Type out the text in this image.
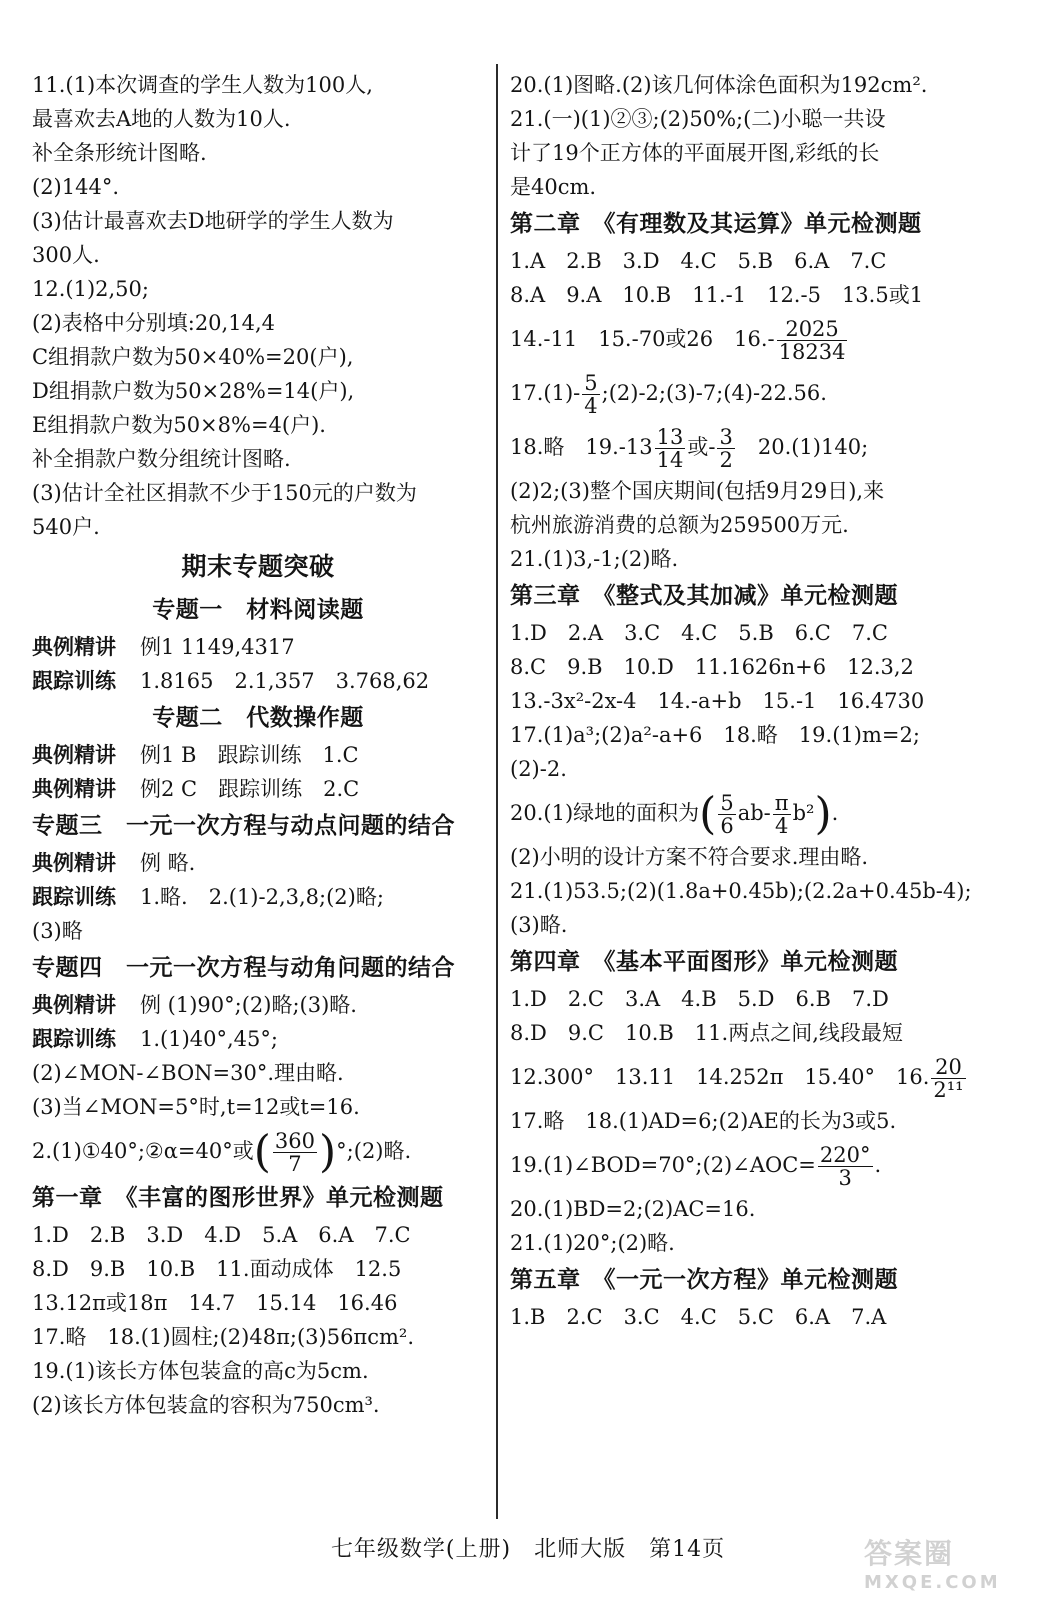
11.(1)本次调查的学生人数为100人,
最喜欢去A地的人数为10人.
补全条形统计图略.
(2)144°.
(3)估计最喜欢去D地研学的学生人数为
300人.
12.(1)2,50;
(2)表格中分别填:20,14,4
C组捐款户数为50×40%=20(户),
D组捐款户数为50×28%=14(户),
E组捐款户数为50×8%=4(户).
补全捐款户数分组统计图略.
(3)估计全社区捐款不少于150元的户数为
540户.
期末专题突破
专题一　材料阅读题
典例精讲 例1 1149,4317
跟踪训练 1.8165　2.1,357　3.768,62
专题二　代数操作题
典例精讲 例1 B　跟踪训练　1.C
典例精讲 例2 C　跟踪训练　2.C
专题三　一元一次方程与动点问题的结合
典例精讲 例 略.
跟踪训练 1.略.　2.(1)-2,3,8;(2)略;
(3)略
专题四　一元一次方程与动角问题的结合
典例精讲 例 (1)90°;(2)略;(3)略.
跟踪训练 1.(1)40°,45°;
(2)∠MON-∠BON=30°.理由略.
(3)当∠MON=5°时,t=12或t=16.
2.(1)①40°;②α=40°或( $\frac{360}{7}$ )°;(2)略.
第一章　《丰富的图形世界》单元检测题
1.D　2.B　3.D　4.D　5.A　6.A　7.C
8.D　9.B　10.B　11.面动成体　12.5
13.12π或18π　14.7　15.14　16.46
17.略　18.(1)圆柱;(2)48π;(3)56πcm².
19.(1)该长方体包装盒的高c为5cm.
(2)该长方体包装盒的容积为750cm³.
20.(1)图略.(2)该几何体涂色面积为192cm².
21.(一)(1)②③;(2)50%;(二)小聪一共设
计了19个正方体的平面展开图,彩纸的长
是40cm.
第二章　《有理数及其运算》单元检测题
1.A　2.B　3.D　4.C　5.B　6.A　7.C
8.A　9.A　10.B　11.-1　12.-5　13.5或1
14.-11　15.-70或26　$16.- \frac{2025}{18234}$
$17.(1)- \frac{5}{4}$ ;(2)-2;(3)-7;(4)-22.56.
18.略　$19.-13 \frac{13}{14}$ 或- $\frac{3}{2}$ 　20.(1)140;
(2)2;(3)整个国庆期间(包括9月29日),来
杭州旅游消费的总额为259500万元.
21.(1)3,-1;(2)略.
第三章　《整式及其加减》单元检测题
1.D　2.A　3.C　4.C　5.B　6.C　7.C
8.C　9.B　10.D　11.1626n+6　12.3,2
13.-3x²-2x-4　14.-a+b　15.-1　16.4730
17.(1)a³;(2)a²-a+6　18.略　19.(1)m=2;
(2)-2.
20.(1)绿地的面积为( $\frac{5}{6} ab- \frac{\pi}{4} b^2$).
(2)小明的设计方案不符合要求.理由略.
21.(1)53.5;(2)(1.8a+0.45b);(2.2a+0.45b-4);
(3)略.
第四章　《基本平面图形》单元检测题
1.D　2.C　3.A　4.B　5.D　6.B　7.D
8.D　9.C　10.B　11.两点之间,线段最短
12.300°　13.11　14.252π　15.40°　16. $\frac{20}{\text{2¹¹}}$
17.略　18.(1)AD=6;(2)AE的长为3或5.
19.(1)∠BOD=70°;(2)∠AOC= $\frac{220^\circ}{3}$ .
20.(1)BD=2;(2)AC=16.
21.(1)20°;(2)略.
第五章　《一元一次方程》单元检测题
1.B　2.C　3.C　4.C　5.C　6.A　7.A
七年级数学(上册)　北师大版　第14页	答案圈
MXQE.COM
